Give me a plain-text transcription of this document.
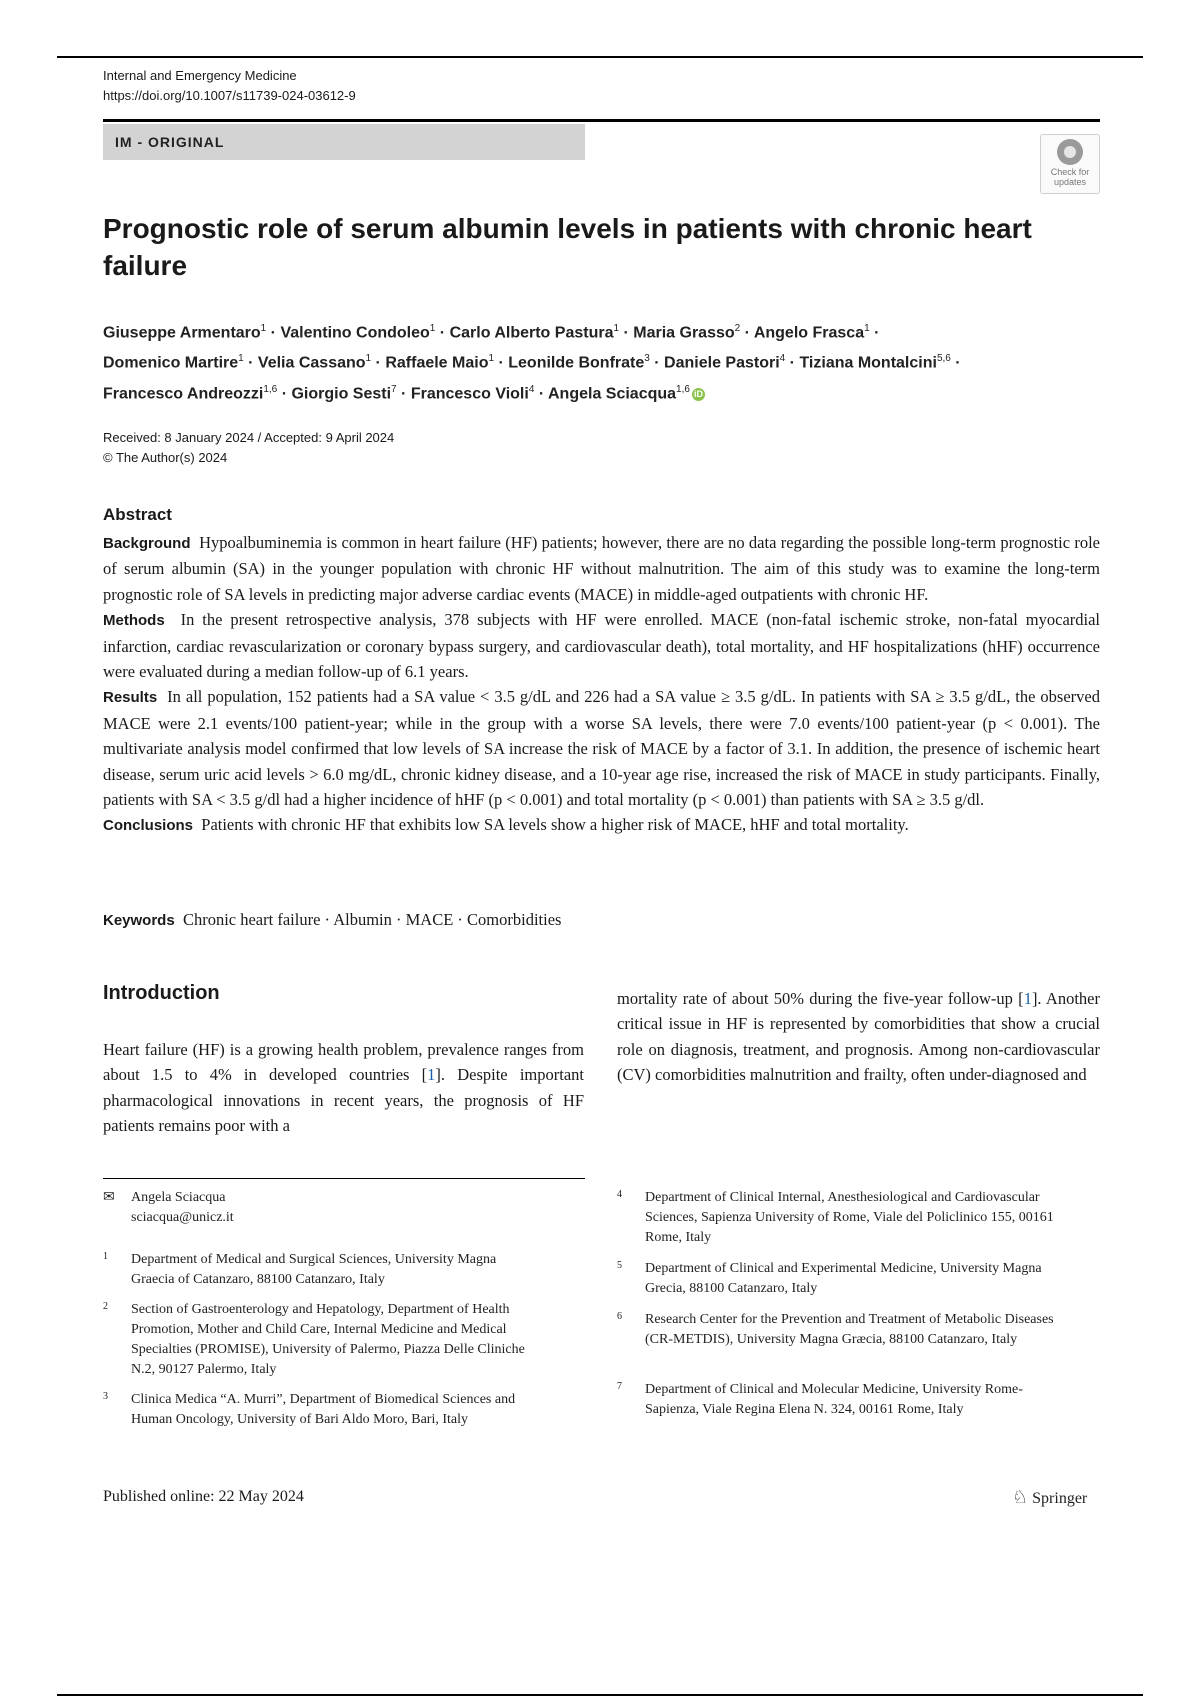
Internal and Emergency Medicine
https://doi.org/10.1007/s11739-024-03612-9
IM - ORIGINAL
Check for
updates
Prognostic role of serum albumin levels in patients with chronic heart failure
Giuseppe Armentaro$^1$ · Valentino Condoleo$^1$ · Carlo Alberto Pastura$^1$ · Maria Grasso$^2$ · Angelo Frasca$^1$ ·
Domenico Martire$^1$ · Velia Cassano$^1$ · Raffaele Maio$^1$ · Leonilde Bonfrate$^3$ · Daniele Pastori$^4$ · Tiziana Montalcini$^{5,6}$ ·
Francesco Andreozzi$^{1,6}$ · Giorgio Sesti$^7$ · Francesco Violi$^4$ · Angela Sciacqua$^{1,6}$ iD
Received: 8 January 2024 / Accepted: 9 April 2024
© The Author(s) 2024
Abstract

Background Hypoalbuminemia is common in heart failure (HF) patients; however, there are no data regarding the possible long-term prognostic role of serum albumin (SA) in the younger population with chronic HF without malnutrition. The aim of this study was to examine the long-term prognostic role of SA levels in predicting major adverse cardiac events (MACE) in middle-aged outpatients with chronic HF.

Methods In the present retrospective analysis, 378 subjects with HF were enrolled. MACE (non-fatal ischemic stroke, non-fatal myocardial infarction, cardiac revascularization or coronary bypass surgery, and cardiovascular death), total mortality, and HF hospitalizations (hHF) occurrence were evaluated during a median follow-up of 6.1 years.

Results In all population, 152 patients had a SA value < 3.5 g/dL and 226 had a SA value ≥ 3.5 g/dL. In patients with SA ≥ 3.5 g/dL, the observed MACE were 2.1 events/100 patient-year; while in the group with a worse SA levels, there were 7.0 events/100 patient-year (p < 0.001). The multivariate analysis model confirmed that low levels of SA increase the risk of MACE by a factor of 3.1. In addition, the presence of ischemic heart disease, serum uric acid levels > 6.0 mg/dL, chronic kidney disease, and a 10-year age rise, increased the risk of MACE in study participants. Finally, patients with SA < 3.5 g/dl had a higher incidence of hHF (p < 0.001) and total mortality (p < 0.001) than patients with SA ≥ 3.5 g/dl.

Conclusions Patients with chronic HF that exhibits low SA levels show a higher risk of MACE, hHF and total mortality.

Keywords Chronic heart failure · Albumin · MACE · Comorbidities
Introduction

Heart failure (HF) is a growing health problem, prevalence ranges from about 1.5 to 4% in developed countries [1]. Despite important pharmacological innovations in recent years, the prognosis of HF patients remains poor with a

mortality rate of about 50% during the five-year follow-up [1]. Another critical issue in HF is represented by comorbidities that show a crucial role on diagnosis, treatment, and prognosis. Among non-cardiovascular (CV) comorbidities malnutrition and frailty, often under-diagnosed and

✉ Angela Sciacqua
sciacqua@unicz.it
1 Department of Medical and Surgical Sciences, University Magna Graecia of Catanzaro, 88100 Catanzaro, Italy
2 Section of Gastroenterology and Hepatology, Department of Health Promotion, Mother and Child Care, Internal Medicine and Medical Specialties (PROMISE), University of Palermo, Piazza Delle Cliniche N.2, 90127 Palermo, Italy
3 Clinica Medica “A. Murri”, Department of Biomedical Sciences and Human Oncology, University of Bari Aldo Moro, Bari, Italy
4 Department of Clinical Internal, Anesthesiological and Cardiovascular Sciences, Sapienza University of Rome, Viale del Policlinico 155, 00161 Rome, Italy
5 Department of Clinical and Experimental Medicine, University Magna Grecia, 88100 Catanzaro, Italy
6 Research Center for the Prevention and Treatment of Metabolic Diseases (CR-METDIS), University Magna Græcia, 88100 Catanzaro, Italy
7 Department of Clinical and Molecular Medicine, University Rome-Sapienza, Viale Regina Elena N. 324, 00161 Rome, Italy
Published online: 22 May 2024	♘ Springer
